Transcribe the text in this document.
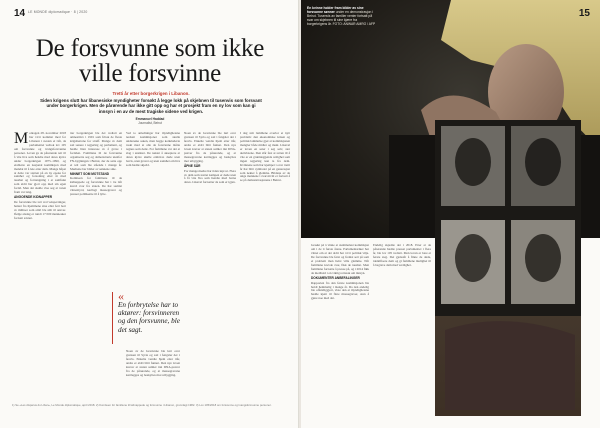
14 LE MONDE diplomatique · 8 | 2020
De forsvunne som ikke ville forsvinne
Tretti år etter borgerkrigen i Libanon.
Siden krigens slutt har libanesiske myndigheter forsøkt å legge lokk på skjebnen til tusenvis som forsvant under borgerkrigen. Men de pårørende har ikke gitt opp og har et prosjekt fram en ny lov som kan gi innsyn i en av de mest tragiske sidene ved krigen.
Emmanuel Haddad
Journalist, Beirut
M ontagen 28. november 2018 har vært kommet med for Libanon i nesten et tiår, da parlamentet vedtok lov 105 om forsvunne og tvangsforsvunne personer. Loven ga de pårørende rett til å vite hva som hendte med deres kjære under borgerkrigen 1975–1990, og etablerte en nasjonal kommisjon med mandat til å lete etter dem. Mange håpet at dette var starten på en ny epoke for sannhet og forsoning etter år med taushet og fortrengning i et samfunn som aldri har gjort opp med sin egen fortid. Men det skulle vise seg at veien fram var lang.
ANGOENDE KIDNAPPER
De forsvunne ble tatt ved veisperringer, hentet fra hjemmene sine eller ført bort av militser som aldri ble stilt til ansvar. Ifølge anslag er rundt 17 000 mennesker fortsatt savnet.
tter borgerkrigen ble det vedtatt en amnestilov i 1991 som fritok de fleste krigsherrene for straff. Mange av dem satt senere i regjering og parlament, og hadde liten interesse av å grave i fortiden. Familiene til de forsvunne organiserte seg og demonstrerte utenfor FN-bygningen i Beirut, der de satte opp et telt som ble stående i mange år. Mødrene bar bilder av sønnene sine.
MINNET SOM MOTSTAND
Komiteen for familiene til de kidnappede og forsvunne har i tre tiår krevd svar fra staten. De har samlet vitnesbyrd, kartlagt massegraver og presset politikerne til å lytte.
Ved to anledninger har myndighetene nedsatt kommisjoner som skulle undersøke saken, men begge konkluderte raskt med at alle de forsvunne måtte regnes som døde. For familiene var det et slag i ansiktet. De nektet å akseptere at deres kjære skulle erklæres døde uten bevis, uten graver og uten sannhet om hva som hadde skjedd.
«
En forbrytelse har to aktører: forsvinneren og den forsvunne, ble det sagt.
Noen av de forsvunne ble ført over grensen til Syria og satt i fengsler der i årevis. Enkelte vendte hjem etter tiår, andre er aldri blitt funnet. Den nye loven krever at staten samler inn DNA-prøver fra de pårørende, og at massegravene kartlegges og beskyttes mot utbygging.
Noen av de forsvunne ble ført over grensen til Syria og satt i fengsler der i årevis. Enkelte vendte hjem etter tiår, andre er aldri blitt funnet. Den nye loven krever at staten samler inn DNA-prøver fra de pårørende, og at massegravene kartlegges og beskyttes mot utbygging.
ÅPNE SÅR
For mange mødre har tiden løpt ut. Flere av dem som startet kampen er døde uten å få vite hva som hendte med barna deres. Likevel fortsetter de som er igjen.
I dag står familiene overfor et nytt problem: den økonomiske krisen og politisk lammelse gjør at kommisjonen mangler både midler og makt. Likevel er loven en seier i seg selv, sier aktivistene. Den slår fast at retten til å vite er en grunnleggende rettighet som ingen regjering kan ta fra dem. Kvinnene som har kjempet i over tretti år har blitt symbolet på en generasjon som nekter å glemme. Bildene av de unge mennene i svart-hvitt er fortsatt å se på demonstrasjonene i Beirut.
1) Se «Les disparus du Liban», Le Monde diplomatique, april 2018. 2) Komiteen for familiene til kidnappede og forsvunne i Libanon, grunnlagt 1982. 3) Lov 105/2018 om forsvunne og tvangsforsvunne personer.
En kvinne holder fram bilder av sine forsvunne sønner under en demonstrasjon i Beirut. Tusenvis av familier venter fortsatt på svar om skjebnen til sine kjære fra borgerkrigens år. FOTO: ANWAR AMRO / AFP
15
forsøkt på å vinne et stemmeløst kommisjon om i de ti første årene. Parlamentariker har vitnet om at det aldri har vært politisk vilje. De forsvunne ble først og fremst sett på som et problem man helst ville glemme. Når familiene krevde svar, fikk de taushet. Men familiene fortsatte å presse på, og i 2014 fikk de medhold i en viktig rettssak om innsyn.
DOKUMENTER ANBEFALINGER
Rapporten fra den første kommisjonen ble holdt hemmelig i mange år. Da den endelig ble offentliggjort, viste den at myndighetene hadde kjent til flere massegraver, uten å gjøre noe med det.
Endelig skjedde det i 2018. Etter at de pårørende hadde presset parlamentet i flere år, ble lov 105 vedtatt. Men loven er bare et første steg. Det gjenstår å finne de døde, identifisere dem og gi familiene mulighet til å begrave dem med verdighet.
